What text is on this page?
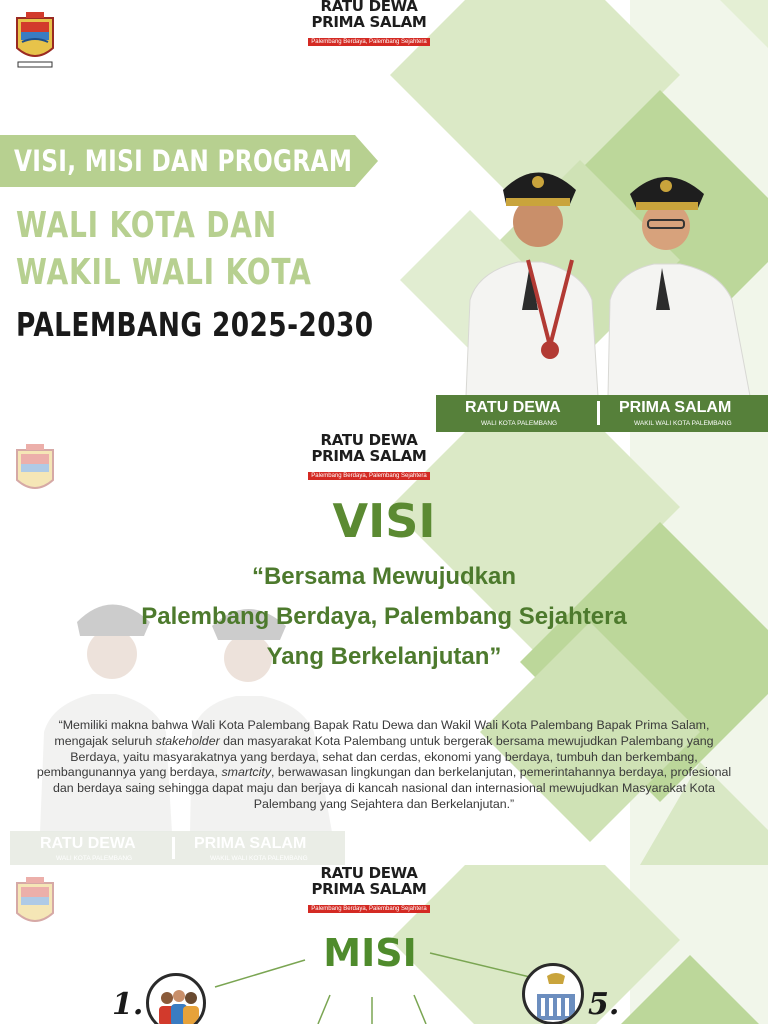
RATU DEWA
PRIMA SALAM
Palembang Berdaya, Palembang Sejahtera
VISI, MISI DAN PROGRAM
WALI KOTA DAN
WAKIL WALI KOTA
PALEMBANG 2025-2030
RATU DEWA
WALI KOTA PALEMBANG
PRIMA SALAM
WAKIL WALI KOTA PALEMBANG
RATU DEWA
PRIMA SALAM
Palembang Berdaya, Palembang Sejahtera
RATU DEWA
WALI KOTA PALEMBANG
PRIMA SALAM
WAKIL WALI KOTA PALEMBANG
VISI
“Bersama Mewujudkan
Palembang Berdaya, Palembang Sejahtera
Yang Berkelanjutan”

“Memiliki makna bahwa Wali Kota Palembang Bapak Ratu Dewa dan Wakil Wali Kota Palembang Bapak Prima Salam, mengajak seluruh stakeholder dan masyarakat Kota Palembang untuk bergerak bersama mewujudkan Palembang yang Berdaya, yaitu masyarakatnya yang berdaya, sehat dan cerdas, ekonomi yang berdaya, tumbuh dan berkembang, pembangunannya yang berdaya, smartcity, berwawasan lingkungan dan berkelanjutan, pemerintahannya berdaya, profesional dan berdaya saing sehingga dapat maju dan berjaya di kancah nasional dan internasional mewujudkan Masyarakat Kota Palembang yang Sejahtera dan Berkelanjutan.”

RATU DEWA
PRIMA SALAM
Palembang Berdaya, Palembang Sejahtera
MISI
1.	5.
